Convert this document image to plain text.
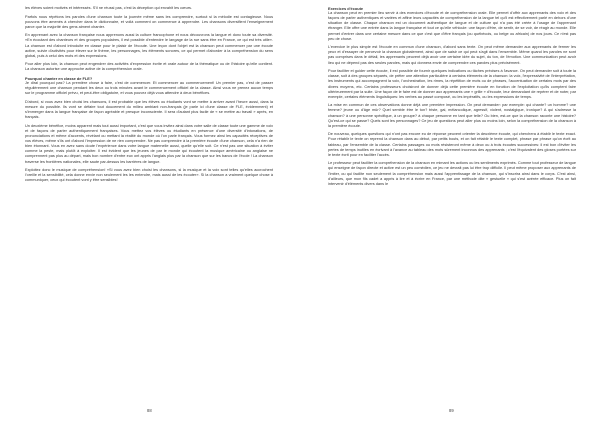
les élèves soient motivés et intéressés. S'il ne réussi pas, c'est la déception qui envahit les cœurs.

Parfois nous répétons les paroles d'une chanson toute la journée même sans les comprendre, surtout si la mélodie est contagieuse. Nous pouvons être amenés à chercher dans le dictionnaire, et voilà comment on commence à apprendre. Les chansons diversifient l'enseignement parce que la majorité des gens aiment chanter.

En apprenant avec la chanson française nous apprenons aussi la culture francophone et nous découvrons la langue et donc toute sa diversité. «En écoutant des chanteurs et des groupes populaires, il est possible d'entendre le langage de la rue sans être en France, ce qui est très utile». La chanson est d'abord introduite en classe pour le plaisir de l'écoute. Une leçon dont l'objet est la chanson peut commencer par une écoute active, suivie d'activités pour élever sur le thème, les personnages, les éléments sonores, ce qui permet d'aborder à la compréhension du sens global, puis à celui des mots et des expressions.

Pour aller plus loin, la chanson peut engendrer des activités d'expression écrite et orale autour de la thématique ou de l'histoire qu'elle contient. La chanson autorise une approche active de la compréhension orale.

Pourquoi chanter en classe de FLE?

Je dirai pourquoi pas? La première chose à faire, c'est de commencer. Et commencer au commencement! Un premier pas, c'est de passer régulièrement une chanson pendant les deux ou trois minutes avant le commencement officiel de la classe. Ainsi vous ne prenez aucun temps sur le programme officiel prévu, et peut-être obligatoire, et vous pouvez déjà vous attendre à deux bénéfices.

D'abord, si vous avez bien choisi les chansons, il est probable que les élèves ou étudiants vont se mettre à arriver avant l'heure aussi, dans la mesure du possible. Ils vont se défaire tout doucement du milieu ambiant non-français (je parle ici d'une classe de FLE, évidemment) et s'immerger dans la langue française de façon agréable et presque inconsciente. Il sera d'autant plus facile de « se mettre au travail » après, en français.

Un deuxième bénéfice, moins apparent mais tout aussi important, c'est que vous invitez ainsi dans votre salle de classe toute une gamme de voix et de façons de parler authentiquement françaises. Vous mettez vos élèves ou étudiants en présence d'une diversité d'intonations, de prononciations et même d'accents, révélant ou mettant la réalité du monde où l'on parle français. Vous formez ainsi les capacités réceptives de vos élèves, même s'ils ont d'abord l'impression de ne rien comprendre. Ne pas comprendre à la première écoute d'une chanson, cela n'a rien de bien étonnant. Vous en avez sans doute l'expérience dans votre langue maternelle aussi, quelle qu'elle soit. Ce n'est pas une situation à éviter comme la peste, mais plutôt à exploiter. Il est évident que les jeunes de par le monde qui écoutent la musique américaine ou anglaise ne comprennent pas plus au départ, mais bon nombre d'entre eux ont appris l'anglais plus par la chanson que sur les bancs de l'école ! La chanson traverse les frontières nationales, elle saute par-dessus les barrières de langue.

Exploitez donc le musique de compréhension! «Si vous avez bien choisi les chansons, si la musique et la voix sont telles qu'elles accrochent l'oreille et la sensibilité, cela donne envie non seulement les les entendre, mais aussi de les écouter». Si la chanson a vraiment quelque chose à communiquer, ceux qui écoutent vont y être sensibles!

Exercices d'écoute

La chanson peut en premier lieu servir à des exercices d'écoute et de compréhension orale. Elle permet d'offrir aux apprenants des voix et des façons de parler authentiques et variées et affine leurs capacités de compréhension de la langue tel qu'il est effectivement parlé en dehors d'une situation de classe. Chaque chanson est un document authentique de langue et de culture qui n'a pas été créée à l'usage de l'apprenant étranger. Elle offre une entrée dans la langue française et tout ce qu'elle véhicule: une façon d'être, de sentir, de se voir, de réagir au monde. Elle permet d'entrer dans une certaine mesure dans ce que c'est que d'être français (ou québécois, ou belge ou africain) de nos jours. Ce n'est pas peu de chose.

L'exercice le plus simple est l'écoute en commun d'une chanson, d'abord sans texte. On peut même demander aux apprenants de fermer les yeux et d'essayer de percevoir la chanson globalement, ainsi que de saisir ce qui peut s'agit dans l'ensemble. Même quand les paroles ne sont pas comprises dans le détail, les apprenants peuvent déjà avoir une certaine idée du sujet, du ton, de l'émotion. Une communication peut avoir lieu qui ne dépend pas des seules paroles, mais qui donnera envie de comprendre ces paroles plus précisément.

Pour faciliter et guider cette écoute, il est possible de fournir quelques indications ou tâches précises à l'avance. On peut demander soit à toute la classe, soit à des groupes séparés, de prêter une attention particulière à certains éléments de la chanson: la voix, l'expressivité de l'interprétation, les instruments qui accompagnent la voix, l'orchestration, les rimes, la répétition de mots ou de phrases, l'accentuation de certains mots par des divers moyens, etc. Certains professeurs choisiront de donner déjà cette première écoute en fonction de l'exploitation qu'ils comptent faire ultérieurement par la suite. Une façon de le faire est de donner aux apprenants une « grille » d'écoute, leur demandant de repérer et de noter, par exemple, certains éléments linguistiques: les verbes au passé composé, ou les impératifs, ou les expressions de temps.

La mise en commun de ces observations donne déjà une première impression. On peut demander: par exemple: qui chante? un homme? une femme? jeune ou d'âge mûr? Quel semble être le ton? triste, gai, mélancolique, agressif, violent, nostalgique, ironique? A qui s'adresse la chanson? à une personne spécifique, à un groupe? à chaque personne en tant que telle? Ou bien, est-ce que la chanson raconte une histoire? Qu'est-ce qui se passe? Quels sont les personnages? Ce jeu de questions peut aller plus ou moins loin, selon la compréhension de la chanson à la première écoute.

De nouveau, quelques questions qui n'ont pas encore eu de réponse peuvent orienter la deuxième écoute, qui cherchera à établir le texte exact. Pour rétablir le texte on reprend la chanson dans au début, par petits bouts, et on fait rétablir le texte complet, phrase par phrase qu'on écrit au tableau, par l'ensemble de la classe. Certains passages ou mots résisteront même à deux ou à trois écoutes successives: il est bon d'éviter les pertes de temps inutiles en écrivant à l'avance au tableau des mots sûrement inconnus des apprenants ; c'est l'équivalent des gloses portées sur le texte écrit pour en faciliter l'accès.

Le professeur peut faciliter la compréhension de la chanson en mimant les actions ou les sentiments exprimés. Comme tout professeur de langue qui enseigne de façon directe et active est un peu comédien, ce jeu ne devrait pas lui être trop difficile. Il peut même proposer aux apprenants de l'imiter, ou qui facilite non seulement la compréhension mais aussi l'apprentissage de la chanson, qui s'inscrira ainsi dans le corps. C'est ainsi, d'ailleurs, que mon fils cadet a appris à lire et à écrire en France, par une méthode dite « gestuelle » qui s'est avérée efficace. Plus on fait intervenir d'éléments divers dans le

88	89
